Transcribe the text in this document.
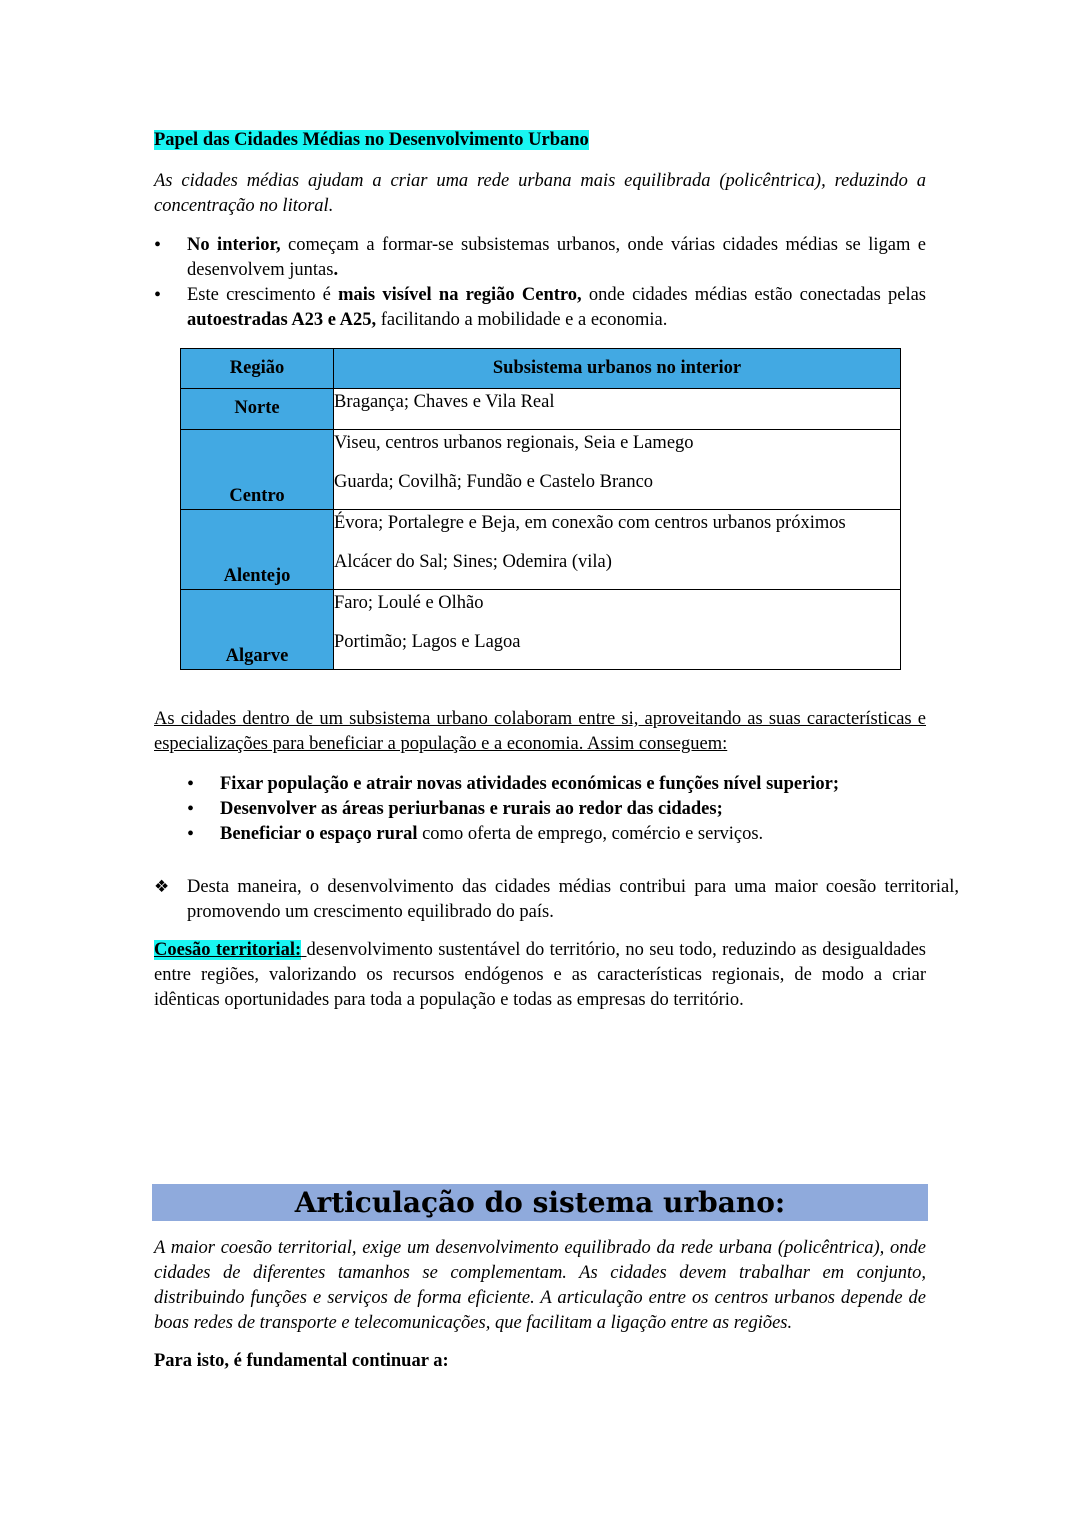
Papel das Cidades Médias no Desenvolvimento Urbano
As cidades médias ajudam a criar uma rede urbana mais equilibrada (policêntrica), reduzindo a concentração no litoral.
• No interior, começam a formar-se subsistemas urbanos, onde várias cidades médias se ligam e desenvolvem juntas.
• Este crescimento é mais visível na região Centro, onde cidades médias estão conectadas pelas autoestradas A23 e A25, facilitando a mobilidade e a economia.
Região	Subsistema urbanos no interior
Norte	Bragança; Chaves e Vila Real

Centro	Viseu, centros urbanos regionais, Seia e Lamego
Guarda; Covilhã; Fundão e Castelo Branco

Alentejo	Évora; Portalegre e Beja, em conexão com centros urbanos próximos
Alcácer do Sal; Sines; Odemira (vila)

Algarve	Faro; Loulé e Olhão
Portimão; Lagos e Lagoa
As cidades dentro de um subsistema urbano colaboram entre si, aproveitando as suas características e especializações para beneficiar a população e a economia. Assim conseguem:
• Fixar população e atrair novas atividades económicas e funções nível superior;
• Desenvolver as áreas periurbanas e rurais ao redor das cidades;
• Beneficiar o espaço rural como oferta de emprego, comércio e serviços.
❖ Desta maneira, o desenvolvimento das cidades médias contribui para uma maior coesão territorial, promovendo um crescimento equilibrado do país.
Coesão territorial: desenvolvimento sustentável do território, no seu todo, reduzindo as desigualdades entre regiões, valorizando os recursos endógenos e as características regionais, de modo a criar idênticas oportunidades para toda a população e todas as empresas do território.
A maior coesão territorial, exige um desenvolvimento equilibrado da rede urbana (policêntrica), onde cidades de diferentes tamanhos se complementam. As cidades devem trabalhar em conjunto, distribuindo funções e serviços de forma eficiente. A articulação entre os centros urbanos depende de boas redes de transporte e telecomunicações, que facilitam a ligação entre as regiões.
Para isto, é fundamental continuar a:
Articulação do sistema urbano:
